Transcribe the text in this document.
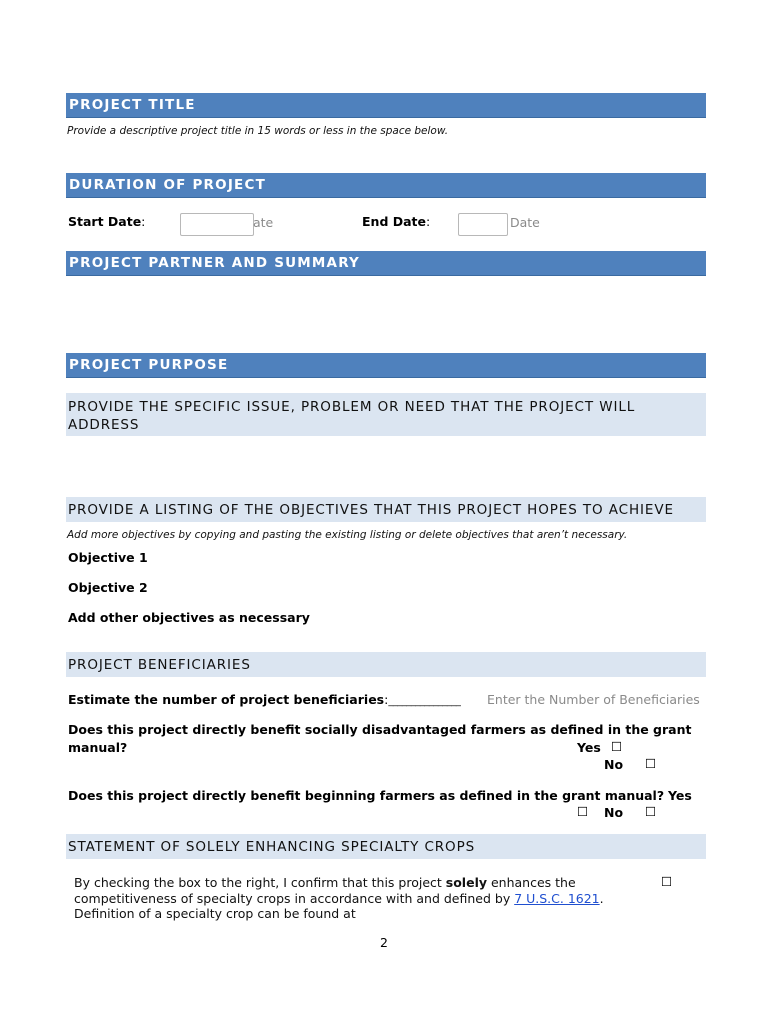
PROJECT TITLE
Provide a descriptive project title in 15 words or less in the space below.
DURATION OF PROJECT
Start Date:	ate	End Date:	Date
PROJECT PARTNER AND SUMMARY
PROJECT PURPOSE
PROVIDE THE SPECIFIC ISSUE, PROBLEM OR NEED THAT THE PROJECT WILL ADDRESS
PROVIDE A LISTING OF THE OBJECTIVES THAT THIS PROJECT HOPES TO ACHIEVE
Add more objectives by copying and pasting the existing listing or delete objectives that aren’t necessary.
Objective 1
Objective 2
Add other objectives as necessary
PROJECT BENEFICIARIES
Estimate the number of project beneficiaries:________________ Enter the Number of Beneficiaries
Does this project directly benefit socially disadvantaged farmers as defined in the grant
manual?	Yes ☐
No ☐
Does this project directly benefit beginning farmers as defined in the grant manual? Yes
☐ No ☐
STATEMENT OF SOLELY ENHANCING SPECIALTY CROPS
By checking the box to the right, I confirm that this project solely enhances the
competitiveness of specialty crops in accordance with and defined by 7 U.S.C. 1621.
Definition of a specialty crop can be found at
☐
2
